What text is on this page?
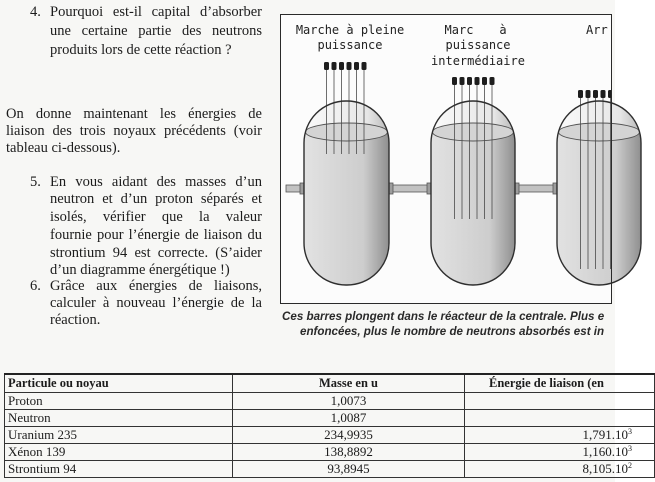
4. Pourquoi est-il capital d’absorber
une certaine partie des neutrons
produits lors de cette réaction ?
On donne maintenant les énergies de
liaison des trois noyaux précédents (voir
tableau ci-dessous).
5. En vous aidant des masses d’un
neutron et d’un proton séparés et
isolés, vérifier que la valeur
fournie pour l’énergie de liaison du
strontium 94 est correcte. (S’aider
d’un diagramme énergétique !)
6. Grâce aux énergies de liaisons,
calculer à nouveau l’énergie de la
réaction.
Marche à pleine
puissance
Marc à
puissance
intermédiaire
Arr
Ces barres plongent dans le réacteur de la centrale. Plus e
enfoncées, plus le nombre de neutrons absorbés est in
Particule ou noyau	Masse en u	Énergie de liaison (en
Proton	1,0073	
Neutron	1,0087	
Uranium 235	234,9935	1,791.10$^3$
Xénon 139	138,8892	1,160.10$^3$
Strontium 94	93,8945	8,105.10$^2$
